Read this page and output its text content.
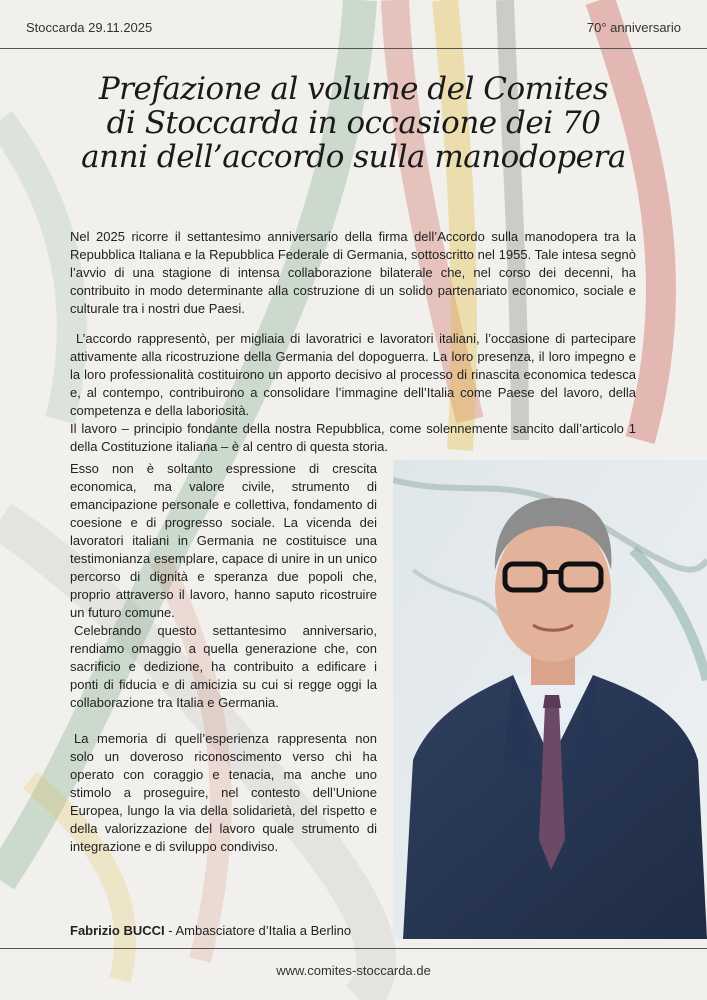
Stoccarda 29.11.2025	70° anniversario
Prefazione al volume del Comites di Stoccarda in occasione dei 70 anni dell’accordo sulla manodopera

Nel 2025 ricorre il settantesimo anniversario della firma dell’Accordo sulla manodopera tra la Repubblica Italiana e la Repubblica Federale di Germania, sottoscritto nel 1955. Tale intesa segnò l’avvio di una stagione di intensa collaborazione bilaterale che, nel corso dei decenni, ha contribuito in modo determinante alla costruzione di un solido partenariato economico, sociale e culturale tra i nostri due Paesi.

L’accordo rappresentò, per migliaia di lavoratrici e lavoratori italiani, l’occasione di partecipare attivamente alla ricostruzione della Germania del dopoguerra. La loro presenza, il loro impegno e la loro professionalità costituirono un apporto decisivo al processo di rinascita economica tedesca e, al contempo, contribuirono a consolidare l’immagine dell’Italia come Paese del lavoro, della competenza e della laboriosità.

Il lavoro – principio fondante della nostra Repubblica, come solennemente sancito dall’articolo 1 della Costituzione italiana – è al centro di questa storia.

Esso non è soltanto espressione di crescita economica, ma valore civile, strumento di emancipazione personale e collettiva, fondamento di coesione e di progresso sociale. La vicenda dei lavoratori italiani in Germania ne costituisce una testimonianza esemplare, capace di unire in un unico percorso di dignità e speranza due popoli che, proprio attraverso il lavoro, hanno saputo ricostruire un futuro comune.

Celebrando questo settantesimo anniversario, rendiamo omaggio a quella generazione che, con sacrificio e dedizione, ha contribuito a edificare i ponti di fiducia e di amicizia su cui si regge oggi la collaborazione tra Italia e Germania.

La memoria di quell’esperienza rappresenta non solo un doveroso riconoscimento verso chi ha operato con coraggio e tenacia, ma anche uno stimolo a proseguire, nel contesto dell’Unione Europea, lungo la via della solidarietà, del rispetto e della valorizzazione del lavoro quale strumento di integrazione e di sviluppo condiviso.

Fabrizio BUCCI - Ambasciatore d’Italia a Berlino
www.comites-stoccarda.de
